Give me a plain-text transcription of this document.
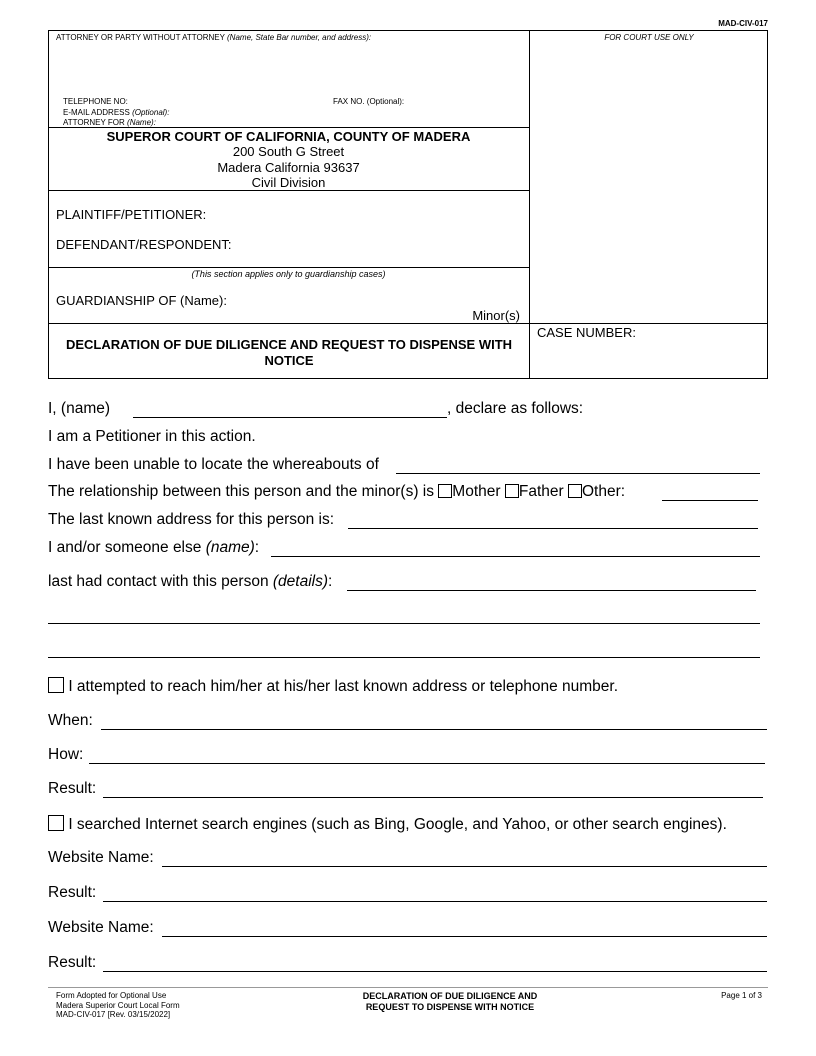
MAD-CIV-017
ATTORNEY OR PARTY WITHOUT ATTORNEY (Name, State Bar number, and address):	FOR COURT USE ONLY
TELEPHONE NO:	FAX NO. (Optional):
E-MAIL ADDRESS (Optional):
ATTORNEY FOR (Name):
SUPEROR COURT OF CALIFORNIA, COUNTY OF MADERA
200 South G Street
Madera California 93637
Civil Division
PLAINTIFF/PETITIONER:
DEFENDANT/RESPONDENT:
(This section applies only to guardianship cases)
GUARDIANSHIP OF (Name):
Minor(s)
DECLARATION OF DUE DILIGENCE AND REQUEST TO DISPENSE WITH NOTICE
CASE NUMBER:
I, (name)	, declare as follows:
I am a Petitioner in this action.
I have been unable to locate the whereabouts of
The relationship between this person and the minor(s) is Mother Father Other:
The last known address for this person is:
I and/or someone else (name):
last had contact with this person (details):
I attempted to reach him/her at his/her last known address or telephone number.
When:
How:
Result:
I searched Internet search engines (such as Bing, Google, and Yahoo, or other search engines).
Website Name:
Result:
Website Name:
Result:
Form Adopted for Optional Use
Madera Superior Court Local Form
MAD-CIV-017 [Rev. 03/15/2022]
DECLARATION OF DUE DILIGENCE AND
REQUEST TO DISPENSE WITH NOTICE
Page 1 of 3
